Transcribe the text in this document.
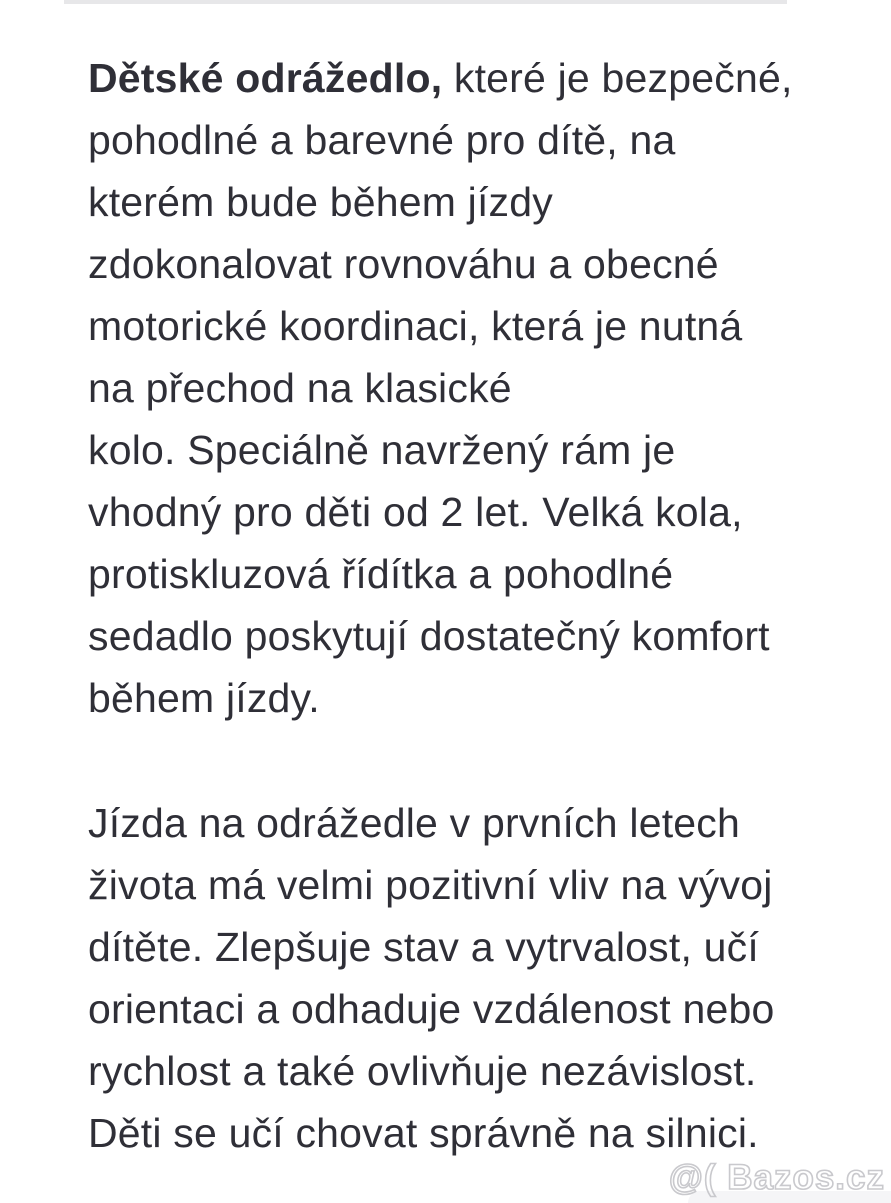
Dětské odrážedlo, které je bezpečné,
pohodlné a barevné pro dítě, na
kterém bude během jízdy
zdokonalovat rovnováhu a obecné
motorické koordinaci, která je nutná
na přechod na klasické
kolo. Speciálně navržený rám je
vhodný pro děti od 2 let. Velká kola,
protiskluzová řídítka a pohodlné
sedadlo poskytují dostatečný komfort
během jízdy.
Jízda na odrážedle v prvních letech
života má velmi pozitivní vliv na vývoj
dítěte. Zlepšuje stav a vytrvalost, učí
orientaci a odhaduje vzdálenost nebo
rychlost a také ovlivňuje nezávislost.
Děti se učí chovat správně na silnici.
@( Bazos.cz
